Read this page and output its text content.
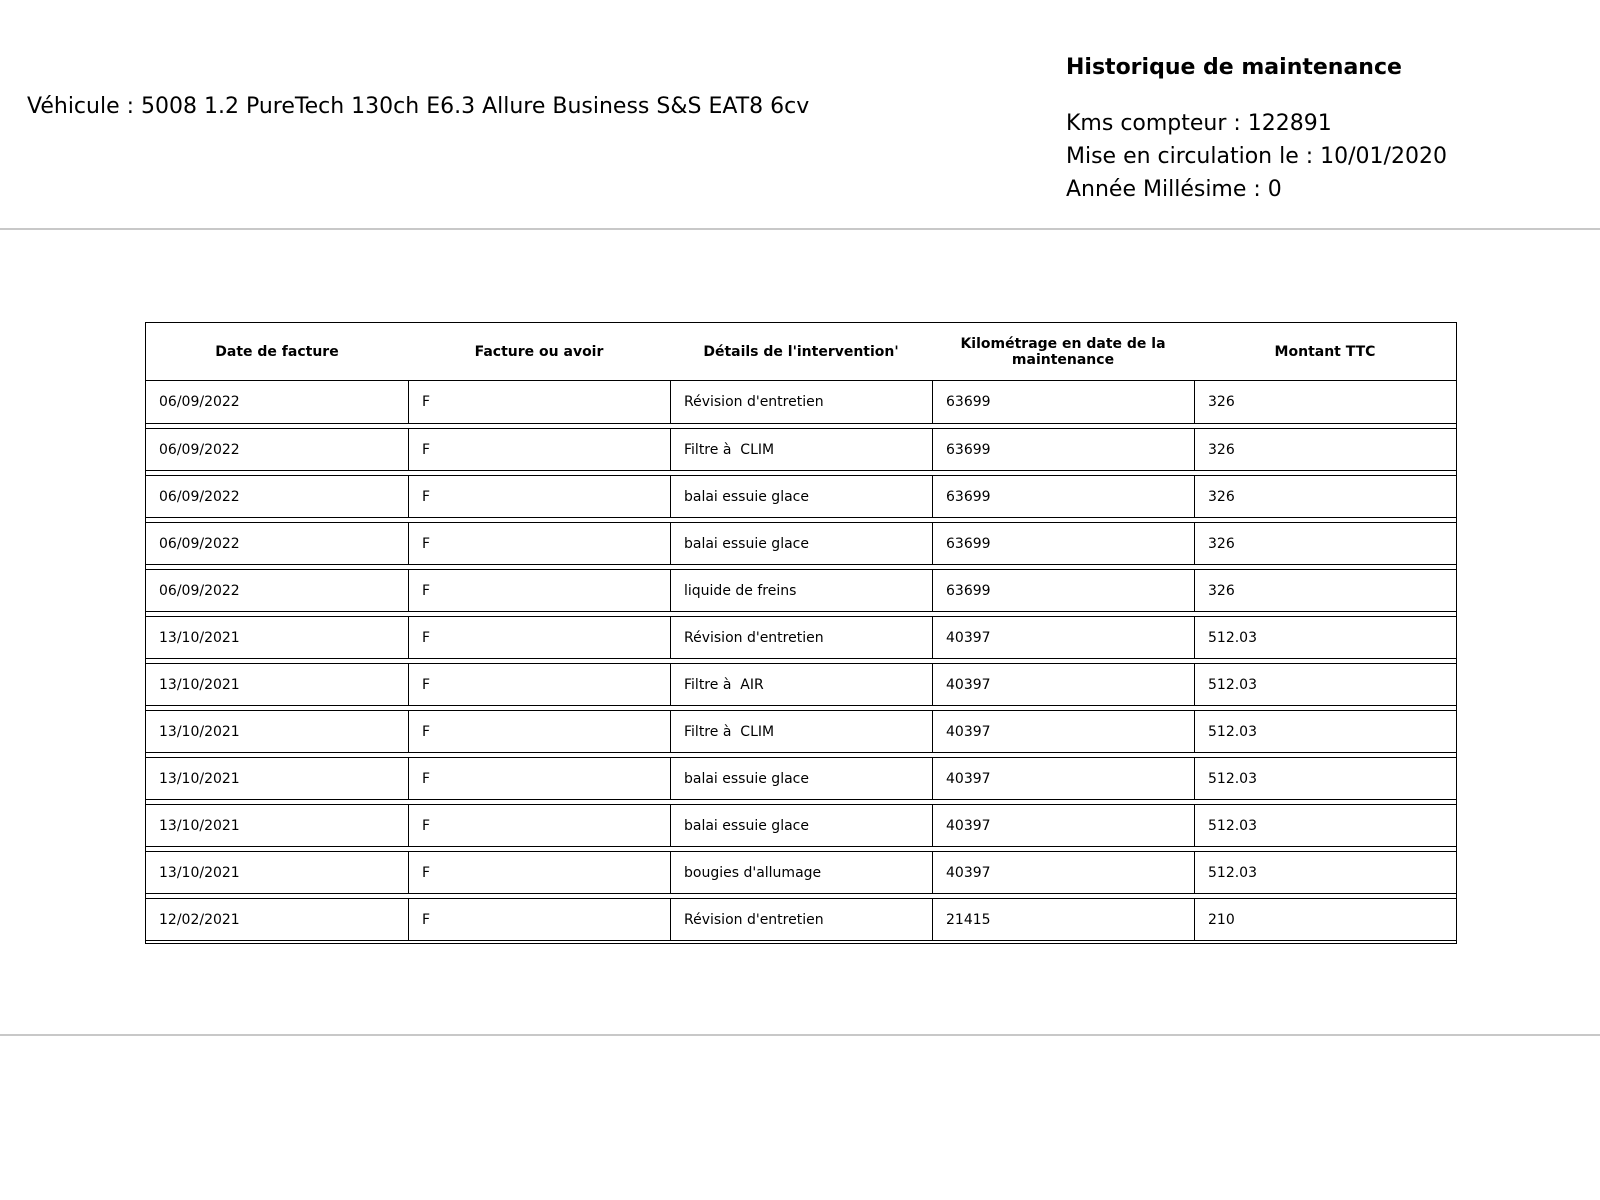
Véhicule : 5008 1.2 PureTech 130ch E6.3 Allure Business S&S EAT8 6cv
Historique de maintenance
Kms compteur : 122891
Mise en circulation le : 10/01/2020
Année Millésime : 0
Date de facture	Facture ou avoir	Détails de l'intervention'	Kilométrage en date de la maintenance	Montant TTC
06/09/2022	F	Révision d'entretien	63699	326
06/09/2022	F	Filtre à  CLIM	63699	326
06/09/2022	F	balai essuie glace	63699	326
06/09/2022	F	balai essuie glace	63699	326
06/09/2022	F	liquide de freins	63699	326
13/10/2021	F	Révision d'entretien	40397	512.03
13/10/2021	F	Filtre à  AIR	40397	512.03
13/10/2021	F	Filtre à  CLIM	40397	512.03
13/10/2021	F	balai essuie glace	40397	512.03
13/10/2021	F	balai essuie glace	40397	512.03
13/10/2021	F	bougies d'allumage	40397	512.03
12/02/2021	F	Révision d'entretien	21415	210
